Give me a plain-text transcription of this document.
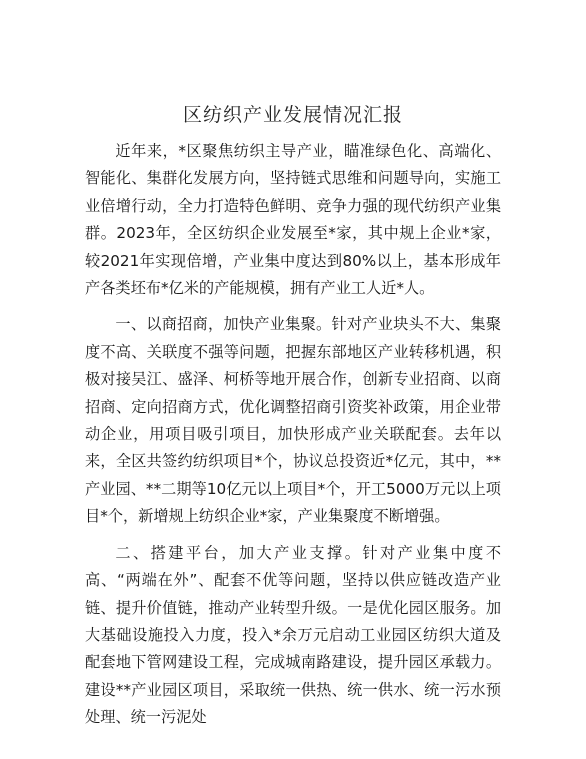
区纺织产业发展情况汇报

近年来，*区聚焦纺织主导产业，瞄准绿色化、高端化、智能化、集群化发展方向，坚持链式思维和问题导向，实施工业倍增行动，全力打造特色鲜明、竞争力强的现代纺织产业集群。2023年，全区纺织企业发展至*家，其中规上企业*家，较2021年实现倍增，产业集中度达到80%以上，基本形成年产各类坯布*亿米的产能规模，拥有产业工人近*人。

一、以商招商，加快产业集聚。针对产业块头不大、集聚度不高、关联度不强等问题，把握东部地区产业转移机遇，积极对接吴江、盛泽、柯桥等地开展合作，创新专业招商、以商招商、定向招商方式，优化调整招商引资奖补政策，用企业带动企业，用项目吸引项目，加快形成产业关联配套。去年以来，全区共签约纺织项目*个，协议总投资近*亿元，其中，**产业园、**二期等10亿元以上项目*个，开工5000万元以上项目*个，新增规上纺织企业*家，产业集聚度不断增强。

二、搭建平台，加大产业支撑。针对产业集中度不高、“两端在外”、配套不优等问题，坚持以供应链改造产业链、提升价值链，推动产业转型升级。一是优化园区服务。加大基础设施投入力度，投入*余万元启动工业园区纺织大道及配套地下管网建设工程，完成城南路建设，提升园区承载力。建设**产业园区项目，采取统一供热、统一供水、统一污水预处理、统一污泥处
